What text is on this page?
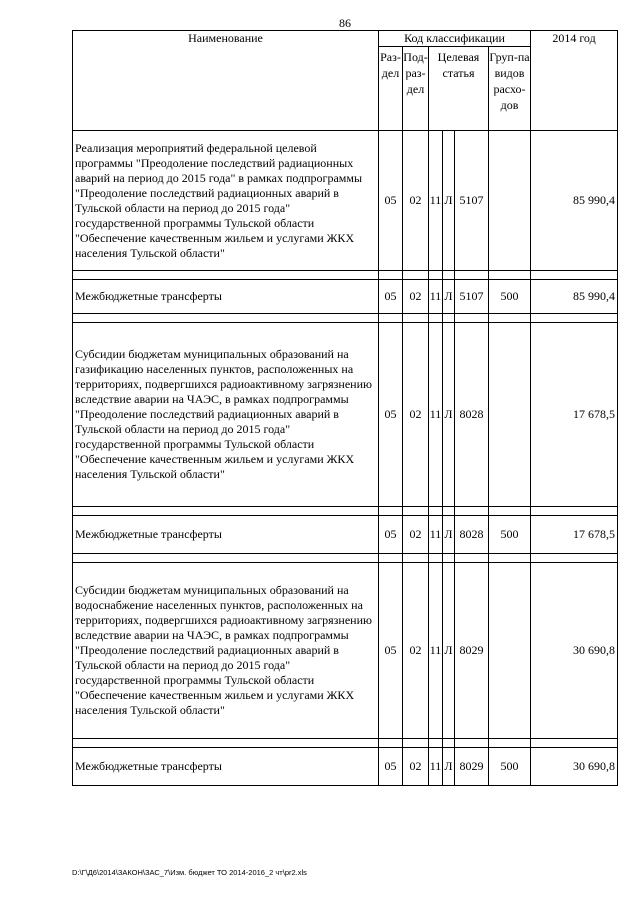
86
Наименование	Код классификации						2014 год
	Раз-дел	Под-раз-дел	Целевая статья			Груп-па видов расхо-дов	
Реализация мероприятий федеральной целевой программы "Преодоление последствий радиационных аварий на период до 2015 года" в рамках подпрограммы "Преодоление последствий радиационных аварий в Тульской области на период до 2015 года" государственной программы Тульской области "Обеспечение качественным жильем и услугами ЖКХ населения Тульской области"	05	02	11	Л	5107		85 990,4

Межбюджетные трансферты	05	02	11	Л	5107	500	85 990,4

Субсидии бюджетам муниципальных образований на газификацию населенных пунктов, расположенных на территориях, подвергшихся радиоактивному загрязнению вследствие аварии на ЧАЭС, в рамках подпрограммы "Преодоление последствий радиационных аварий в Тульской области на период до 2015 года" государственной программы Тульской области "Обеспечение качественным жильем и услугами ЖКХ населения Тульской области"	05	02	11	Л	8028		17 678,5

Межбюджетные трансферты	05	02	11	Л	8028	500	17 678,5

Субсидии бюджетам муниципальных образований на водоснабжение населенных пунктов, расположенных на территориях, подвергшихся радиоактивному загрязнению вследствие аварии на ЧАЭС, в рамках подпрограммы "Преодоление последствий радиационных аварий в Тульской области на период до 2015 года" государственной программы Тульской области "Обеспечение качественным жильем и услугами ЖКХ населения Тульской области"	05	02	11	Л	8029		30 690,8

Межбюджетные трансферты	05	02	11	Л	8029	500	30 690,8
D:\Г\Д6\2014\ЗАКОН\ЗАС_7\Изм. бюджет ТО 2014-2016_2 чт\pr2.xls
